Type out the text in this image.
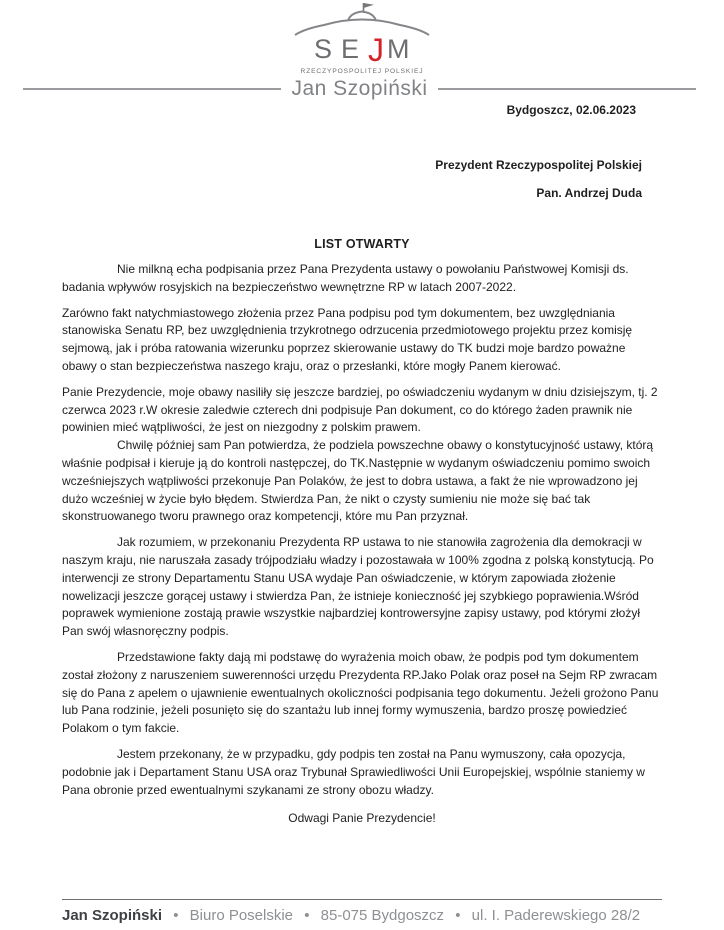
S E J M
RZECZYPOSPOLITEJ POLSKIEJ
Jan Szopiński
Bydgoszcz, 02.06.2023
Prezydent Rzeczypospolitej Polskiej
Pan. Andrzej Duda
LIST OTWARTY

Nie milkną echa podpisania przez Pana Prezydenta ustawy o powołaniu Państwowej Komisji ds. badania wpływów rosyjskich na bezpieczeństwo wewnętrzne RP w latach 2007-2022.

Zarówno fakt natychmiastowego złożenia przez Pana podpisu pod tym dokumentem, bez uwzględniania stanowiska Senatu RP, bez uwzględnienia trzykrotnego odrzucenia przedmiotowego projektu przez komisję sejmową, jak i próba ratowania wizerunku poprzez skierowanie ustawy do TK budzi moje bardzo poważne obawy o stan bezpieczeństwa naszego kraju, oraz o przesłanki, które mogły Panem kierować.

Panie Prezydencie, moje obawy nasiliły się jeszcze bardziej, po oświadczeniu wydanym w dniu dzisiejszym, tj. 2 czerwca 2023 r.W okresie zaledwie czterech dni podpisuje Pan dokument, co do którego żaden prawnik nie powinien mieć wątpliwości, że jest on niezgodny z polskim prawem.

Chwilę później sam Pan potwierdza, że podziela powszechne obawy o konstytucyjność ustawy, którą właśnie podpisał i kieruje ją do kontroli następczej, do TK.Następnie w wydanym oświadczeniu pomimo swoich wcześniejszych wątpliwości przekonuje Pan Polaków, że jest to dobra ustawa, a fakt że nie wprowadzono jej dużo wcześniej w życie było błędem. Stwierdza Pan, że nikt o czysty sumieniu nie może się bać tak skonstruowanego tworu prawnego oraz kompetencji, które mu Pan przyznał.

Jak rozumiem, w przekonaniu Prezydenta RP ustawa to nie stanowiła zagrożenia dla demokracji w naszym kraju, nie naruszała zasady trójpodziału władzy i pozostawała w 100% zgodna z polską konstytucją. Po interwencji ze strony Departamentu Stanu USA wydaje Pan oświadczenie, w którym zapowiada złożenie nowelizacji jeszcze gorącej ustawy i stwierdza Pan, że istnieje konieczność jej szybkiego poprawienia.Wśród poprawek wymienione zostają prawie wszystkie najbardziej kontrowersyjne zapisy ustawy, pod którymi złożył Pan swój własnoręczny podpis.

Przedstawione fakty dają mi podstawę do wyrażenia moich obaw, że podpis pod tym dokumentem został złożony z naruszeniem suwerenności urzędu Prezydenta RP.Jako Polak oraz poseł na Sejm RP zwracam się do Pana z apelem o ujawnienie ewentualnych okoliczności podpisania tego dokumentu. Jeżeli grożono Panu lub Pana rodzinie, jeżeli posunięto się do szantażu lub innej formy wymuszenia, bardzo proszę powiedzieć Polakom o tym fakcie.

Jestem przekonany, że w przypadku, gdy podpis ten został na Panu wymuszony, cała opozycja, podobnie jak i Departament Stanu USA oraz Trybunał Sprawiedliwości Unii Europejskiej, wspólnie staniemy w Pana obronie przed ewentualnymi szykanami ze strony obozu władzy.

Odwagi Panie Prezydencie!
Jan Szopiński • Biuro Poselskie • 85-075 Bydgoszcz • ul. I. Paderewskiego 28/2
